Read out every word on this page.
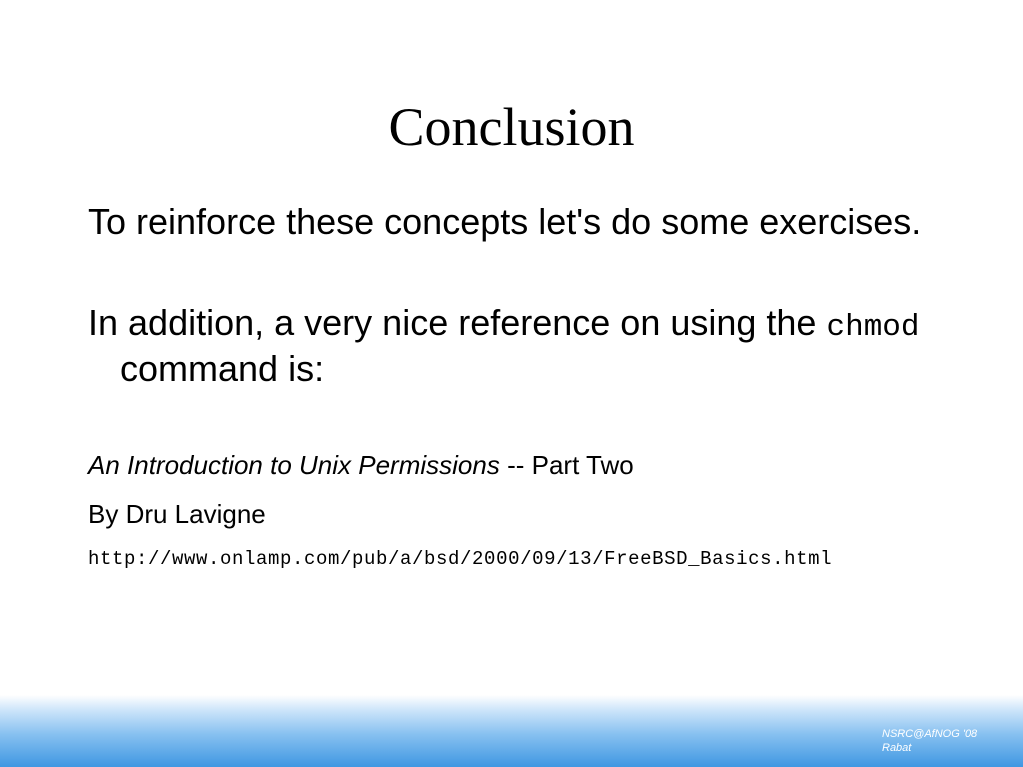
Conclusion

To reinforce these concepts let's do some exercises.

In addition, a very nice reference on using the chmod command is:

An Introduction to Unix Permissions -- Part Two

By Dru Lavigne

http://www.onlamp.com/pub/a/bsd/2000/09/13/FreeBSD_Basics.html

NSRC@AfNOG '08
Rabat
